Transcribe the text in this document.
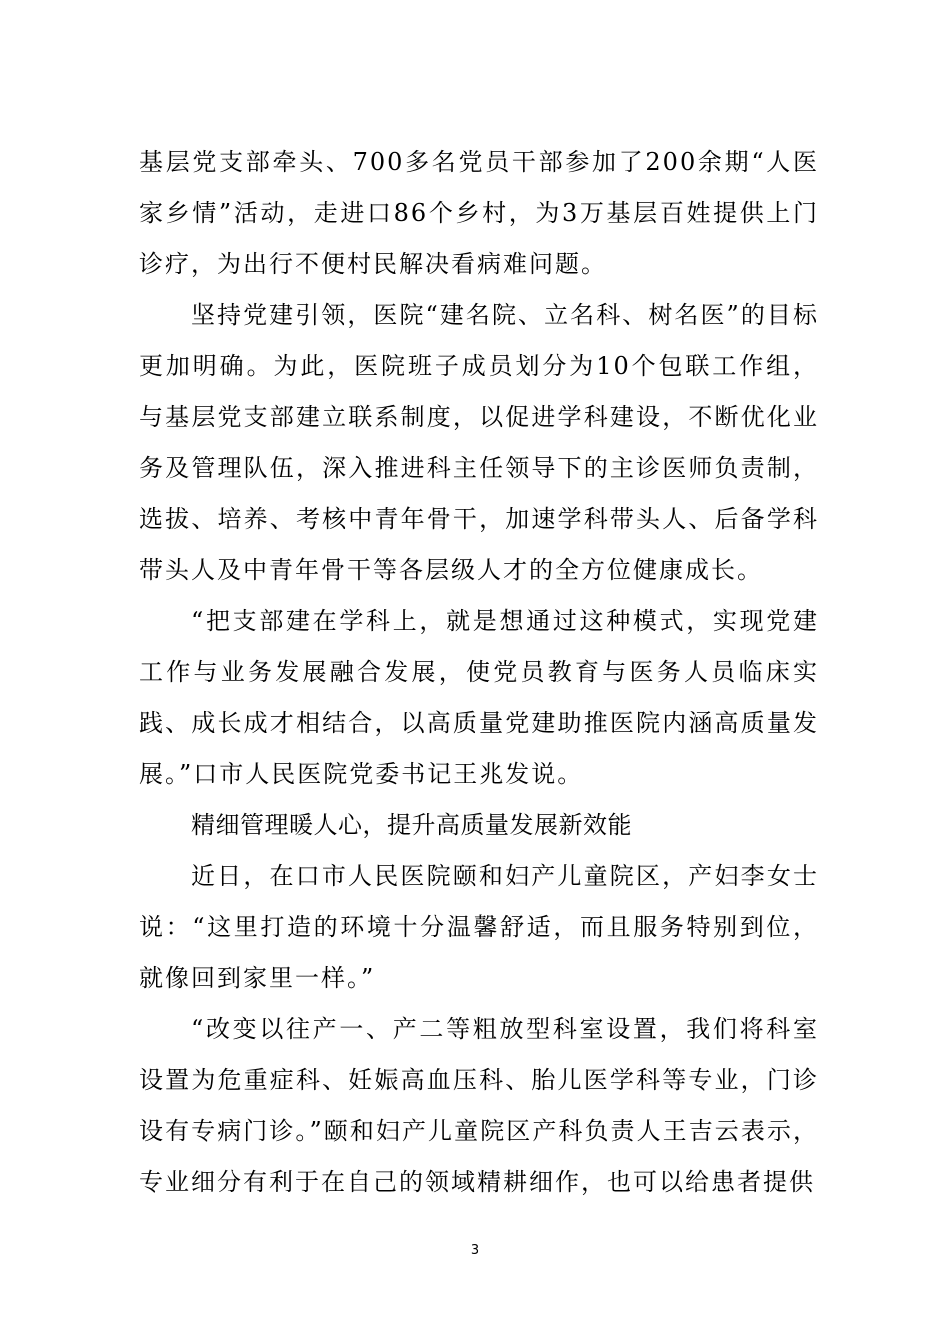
基层党支部牵头、700多名党员干部参加了200余期“人医家乡情”活动，走进口86个乡村，为3万基层百姓提供上门诊疗，为出行不便村民解决看病难问题。

坚持党建引领，医院“建名院、立名科、树名医”的目标更加明确。为此，医院班子成员划分为10个包联工作组，与基层党支部建立联系制度，以促进学科建设，不断优化业务及管理队伍，深入推进科主任领导下的主诊医师负责制，选拔、培养、考核中青年骨干，加速学科带头人、后备学科带头人及中青年骨干等各层级人才的全方位健康成长。

“把支部建在学科上，就是想通过这种模式，实现党建工作与业务发展融合发展，使党员教育与医务人员临床实践、成长成才相结合，以高质量党建助推医院内涵高质量发展。”口市人民医院党委书记王兆发说。

精细管理暖人心，提升高质量发展新效能

近日，在口市人民医院颐和妇产儿童院区，产妇李女士说：“这里打造的环境十分温馨舒适，而且服务特别到位，就像回到家里一样。”

“改变以往产一、产二等粗放型科室设置，我们将科室设置为危重症科、妊娠高血压科、胎儿医学科等专业，门诊设有专病门诊。”颐和妇产儿童院区产科负责人王吉云表示，专业细分有利于在自己的领域精耕细作，也可以给患者提供

3
